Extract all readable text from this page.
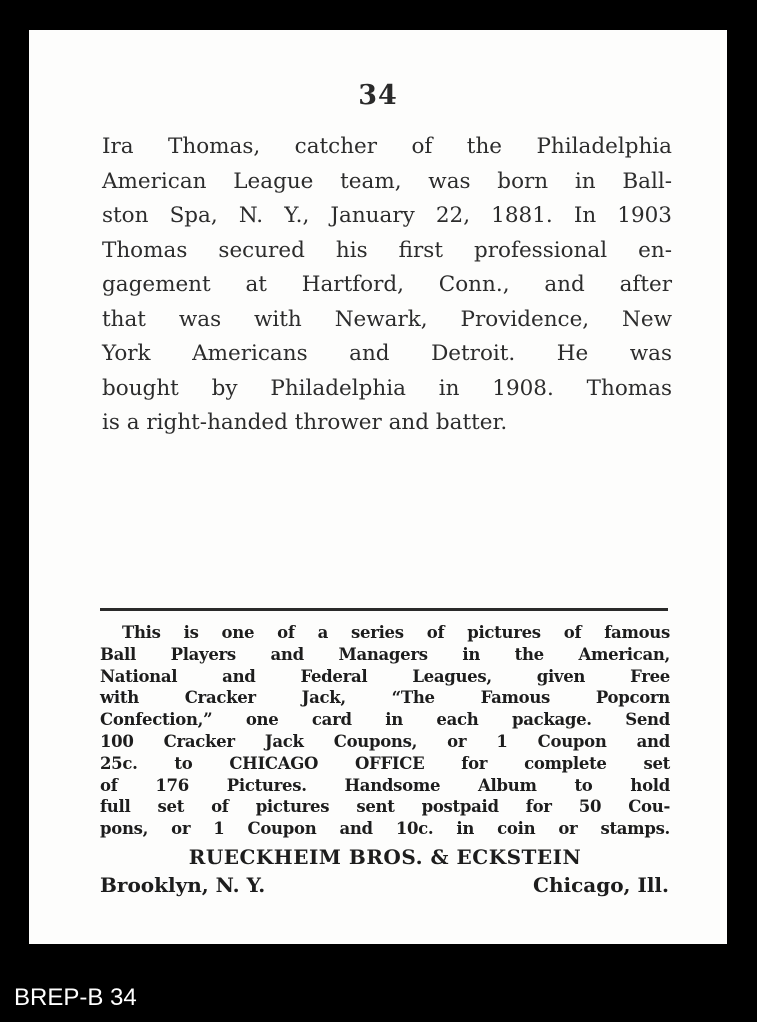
34
Ira Thomas, catcher of the Philadelphia
American League team, was born in Ball-
ston Spa, N. Y., January 22, 1881. In 1903
Thomas secured his first professional en-
gagement at Hartford, Conn., and after
that was with Newark, Providence, New
York Americans and Detroit. He was
bought by Philadelphia in 1908. Thomas
is a right-handed thrower and batter.
This is one of a series of pictures of famous
Ball Players and Managers in the American,
National and Federal Leagues, given Free
with Cracker Jack, “The Famous Popcorn
Confection,” one card in each package. Send
100 Cracker Jack Coupons, or 1 Coupon and
25c. to CHICAGO OFFICE for complete set
of 176 Pictures. Handsome Album to hold
full set of pictures sent postpaid for 50 Cou-
pons, or 1 Coupon and 10c. in coin or stamps.
RUECKHEIM BROS. & ECKSTEIN
Brooklyn, N. Y.	Chicago, Ill.
BREP-B 34
